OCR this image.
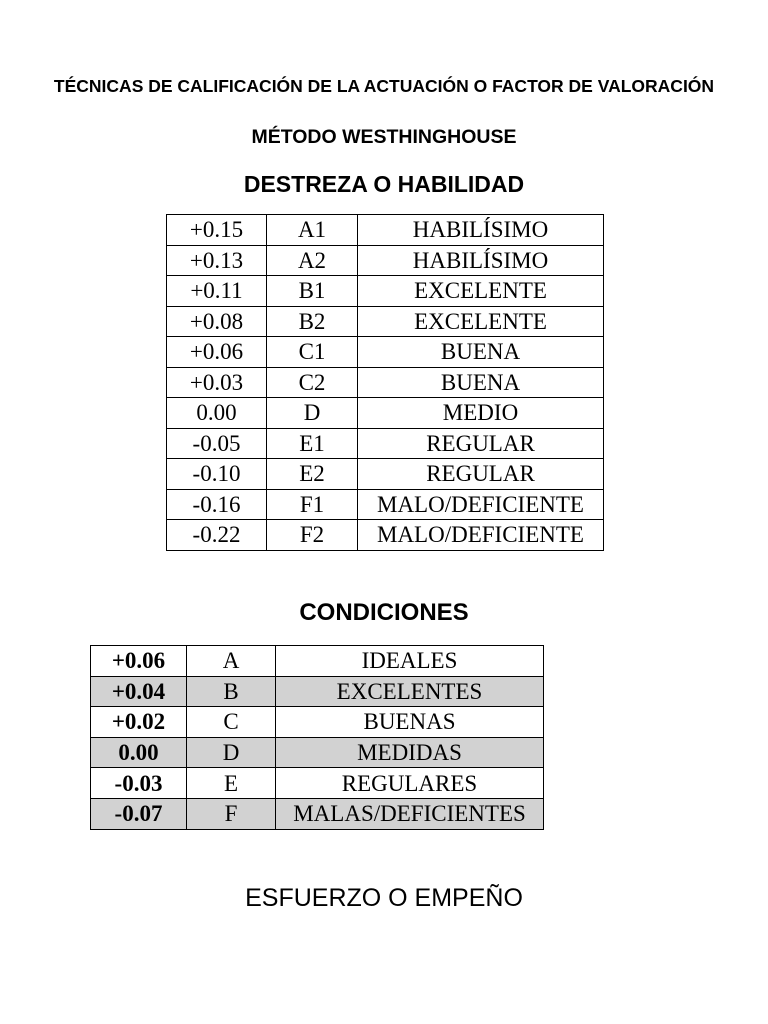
TÉCNICAS DE CALIFICACIÓN DE LA ACTUACIÓN O FACTOR DE VALORACIÓN
MÉTODO WESTHINGHOUSE
DESTREZA O HABILIDAD
+0.15	A1	HABILÍSIMO
+0.13	A2	HABILÍSIMO
+0.11	B1	EXCELENTE
+0.08	B2	EXCELENTE
+0.06	C1	BUENA
+0.03	C2	BUENA
0.00	D	MEDIO
-0.05	E1	REGULAR
-0.10	E2	REGULAR
-0.16	F1	MALO/DEFICIENTE
-0.22	F2	MALO/DEFICIENTE
CONDICIONES
+0.06	A	IDEALES
+0.04	B	EXCELENTES
+0.02	C	BUENAS
0.00	D	MEDIDAS
-0.03	E	REGULARES
-0.07	F	MALAS/DEFICIENTES
ESFUERZO O EMPEÑO
